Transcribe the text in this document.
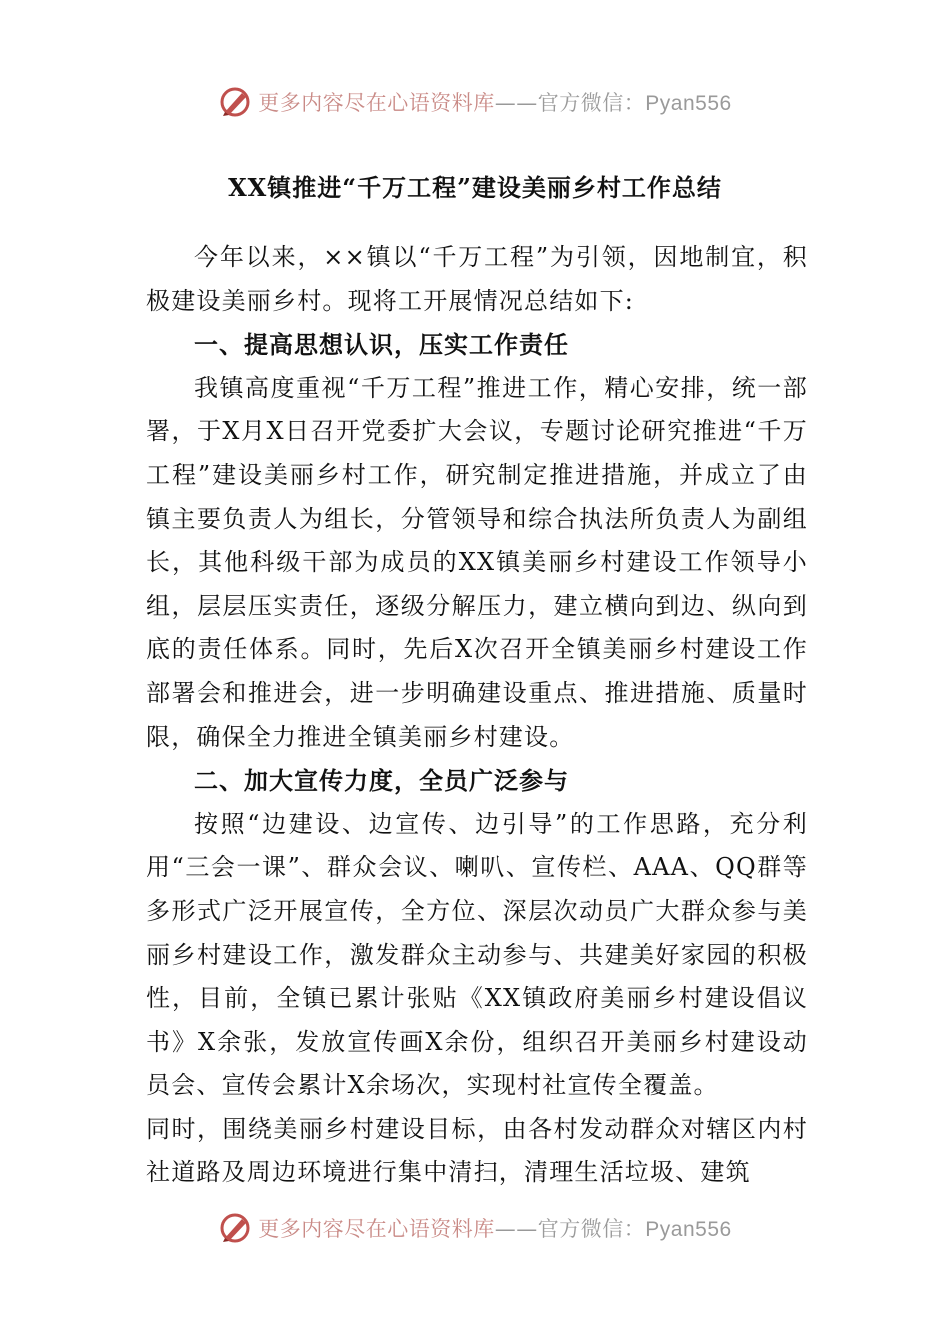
更多内容尽在心语资料库——官方微信：Pyan556
XX镇推进“千万工程”建设美丽乡村工作总结

今年以来，××镇以“千万工程”为引领，因地制宜，积极建设美丽乡村。现将工开展情况总结如下:

一、提高思想认识，压实工作责任

我镇高度重视“千万工程”推进工作，精心安排，统一部署，于X月X日召开党委扩大会议，专题讨论研究推进“千万工程”建设美丽乡村工作，研究制定推进措施，并成立了由镇主要负责人为组长，分管领导和综合执法所负责人为副组长，其他科级干部为成员的XX镇美丽乡村建设工作领导小组，层层压实责任，逐级分解压力，建立横向到边、纵向到底的责任体系。同时，先后X次召开全镇美丽乡村建设工作部署会和推进会，进一步明确建设重点、推进措施、质量时限，确保全力推进全镇美丽乡村建设。

二、加大宣传力度，全员广泛参与

按照“边建设、边宣传、边引导”的工作思路，充分利用“三会一课”、群众会议、喇叭、宣传栏、AAA、QQ群等多形式广泛开展宣传，全方位、深层次动员广大群众参与美丽乡村建设工作，激发群众主动参与、共建美好家园的积极性，目前，全镇已累计张贴《XX镇政府美丽乡村建设倡议书》X余张，发放宣传画X余份，组织召开美丽乡村建设动员会、宣传会累计X余场次，实现村社宣传全覆盖。

同时，围绕美丽乡村建设目标，由各村发动群众对辖区内村社道路及周边环境进行集中清扫，清理生活垃圾、建筑

更多内容尽在心语资料库——官方微信：Pyan556
